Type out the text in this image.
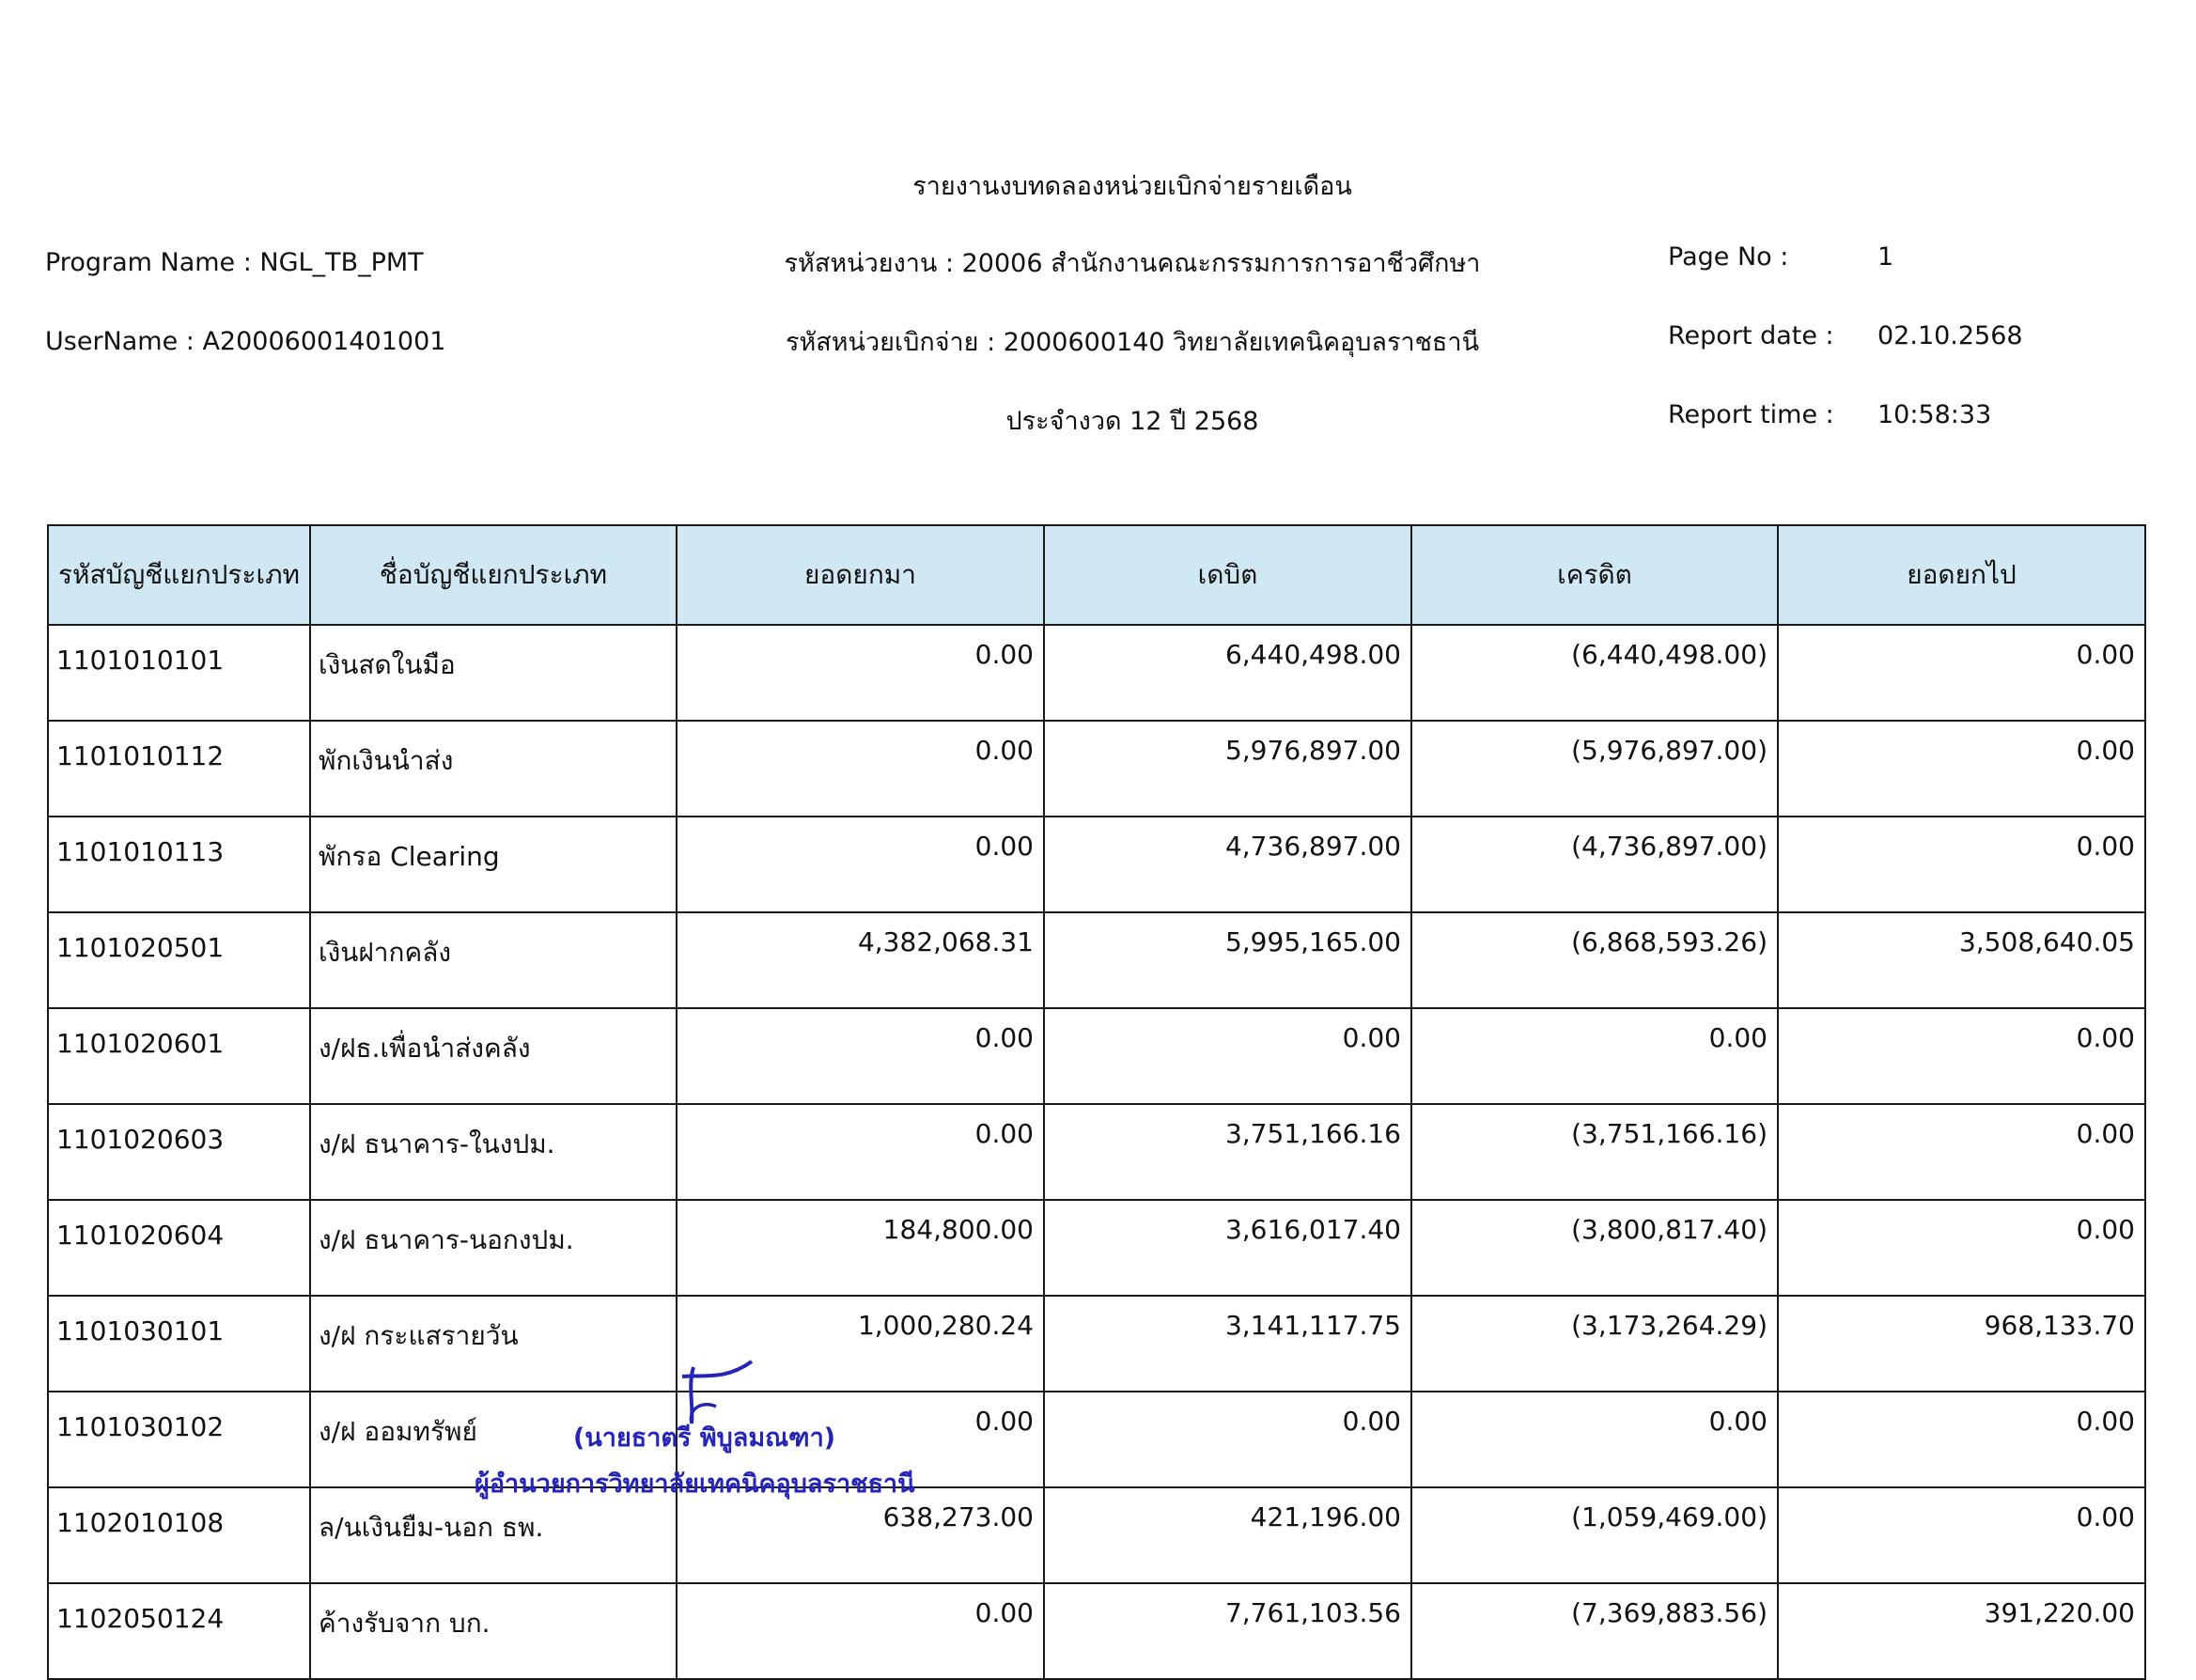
รายงานงบทดลองหน่วยเบิกจ่ายรายเดือน
Program Name : NGL_TB_PMT	รหัสหน่วยงาน : 20006 สำนักงานคณะกรรมการการอาชีวศึกษา	Page No :	1
UserName : A20006001401001	รหัสหน่วยเบิกจ่าย : 2000600140 วิทยาลัยเทคนิคอุบลราชธานี	Report date : 02.10.2568
ประจำงวด 12 ปี 2568	Report time : 10:58:33
รหัสบัญชีแยกประเภท	ชื่อบัญชีแยกประเภท	ยอดยกมา	เดบิต	เครดิต	ยอดยกไป
1101010101	เงินสดในมือ	0.00	6,440,498.00	(6,440,498.00)	0.00
1101010112	พักเงินนำส่ง	0.00	5,976,897.00	(5,976,897.00)	0.00
1101010113	พักรอ Clearing	0.00	4,736,897.00	(4,736,897.00)	0.00
1101020501	เงินฝากคลัง	4,382,068.31	5,995,165.00	(6,868,593.26)	3,508,640.05
1101020601	ง/ฝธ.เพื่อนำส่งคลัง	0.00	0.00	0.00	0.00
1101020603	ง/ฝ ธนาคาร-ในงปม.	0.00	3,751,166.16	(3,751,166.16)	0.00
1101020604	ง/ฝ ธนาคาร-นอกงปม.	184,800.00	3,616,017.40	(3,800,817.40)	0.00
1101030101	ง/ฝ กระแสรายวัน	1,000,280.24	3,141,117.75	(3,173,264.29)	968,133.70
1101030102	ง/ฝ ออมทรัพย์	0.00	0.00	0.00	0.00
1102010108	ล/นเงินยืม-นอก ธพ.	638,273.00	421,196.00	(1,059,469.00)	0.00
1102050124	ค้างรับจาก บก.	0.00	7,761,103.56	(7,369,883.56)	391,220.00
(นายธาตรี พิบูลมณฑา)
ผู้อำนวยการวิทยาลัยเทคนิคอุบลราชธานี
